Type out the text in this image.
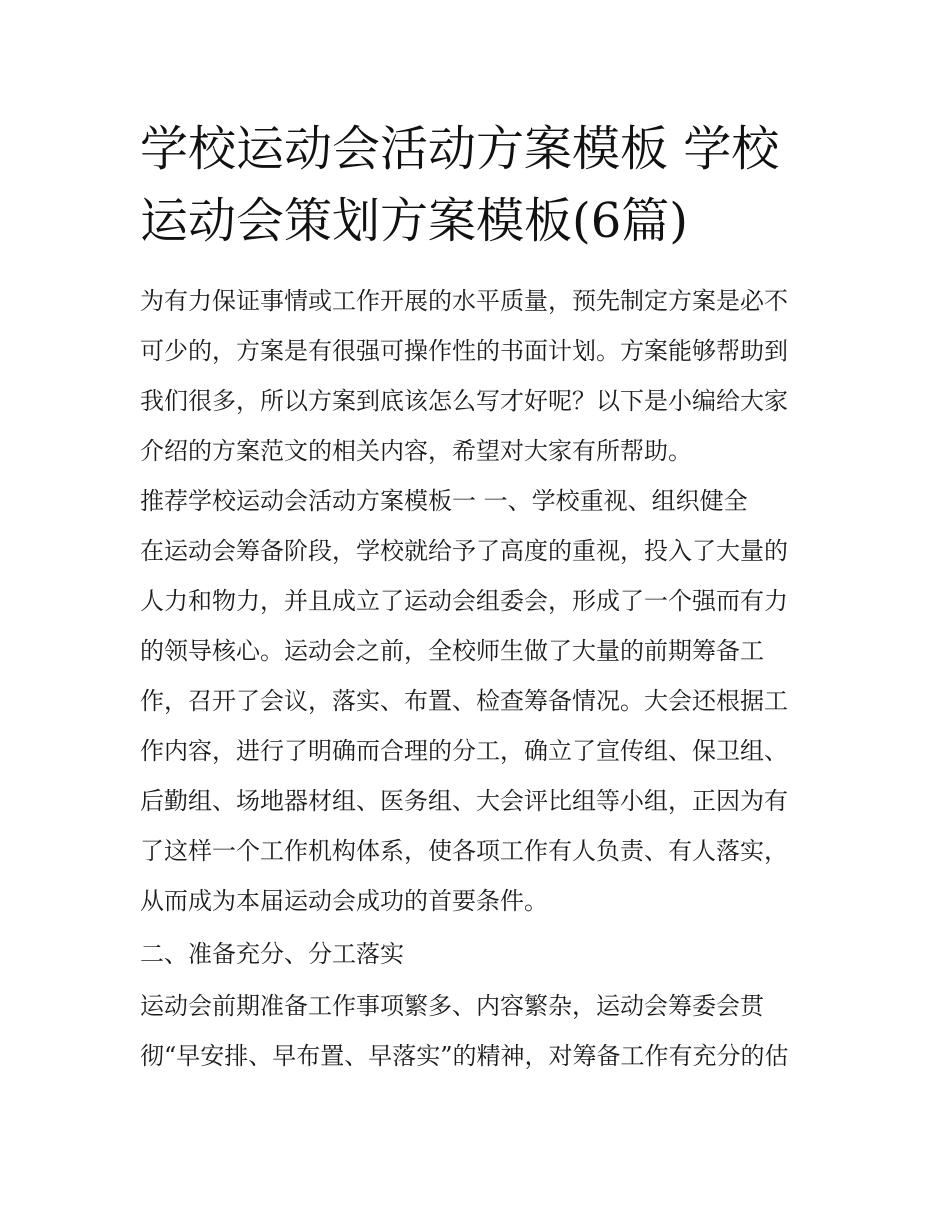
学校运动会活动方案模板 学校运动会策划方案模板(6篇)

为有力保证事情或工作开展的水平质量，预先制定方案是必不

可少的，方案是有很强可操作性的书面计划。方案能够帮助到

我们很多，所以方案到底该怎么写才好呢？以下是小编给大家

介绍的方案范文的相关内容，希望对大家有所帮助。

推荐学校运动会活动方案模板一 一、学校重视、组织健全

在运动会筹备阶段，学校就给予了高度的重视，投入了大量的

人力和物力，并且成立了运动会组委会，形成了一个强而有力

的领导核心。运动会之前，全校师生做了大量的前期筹备工

作，召开了会议，落实、布置、检查筹备情况。大会还根据工

作内容，进行了明确而合理的分工，确立了宣传组、保卫组、

后勤组、场地器材组、医务组、大会评比组等小组，正因为有

了这样一个工作机构体系，使各项工作有人负责、有人落实，

从而成为本届运动会成功的首要条件。

二、准备充分、分工落实

运动会前期准备工作事项繁多、内容繁杂，运动会筹委会贯

彻“早安排、早布置、早落实”的精神，对筹备工作有充分的估
